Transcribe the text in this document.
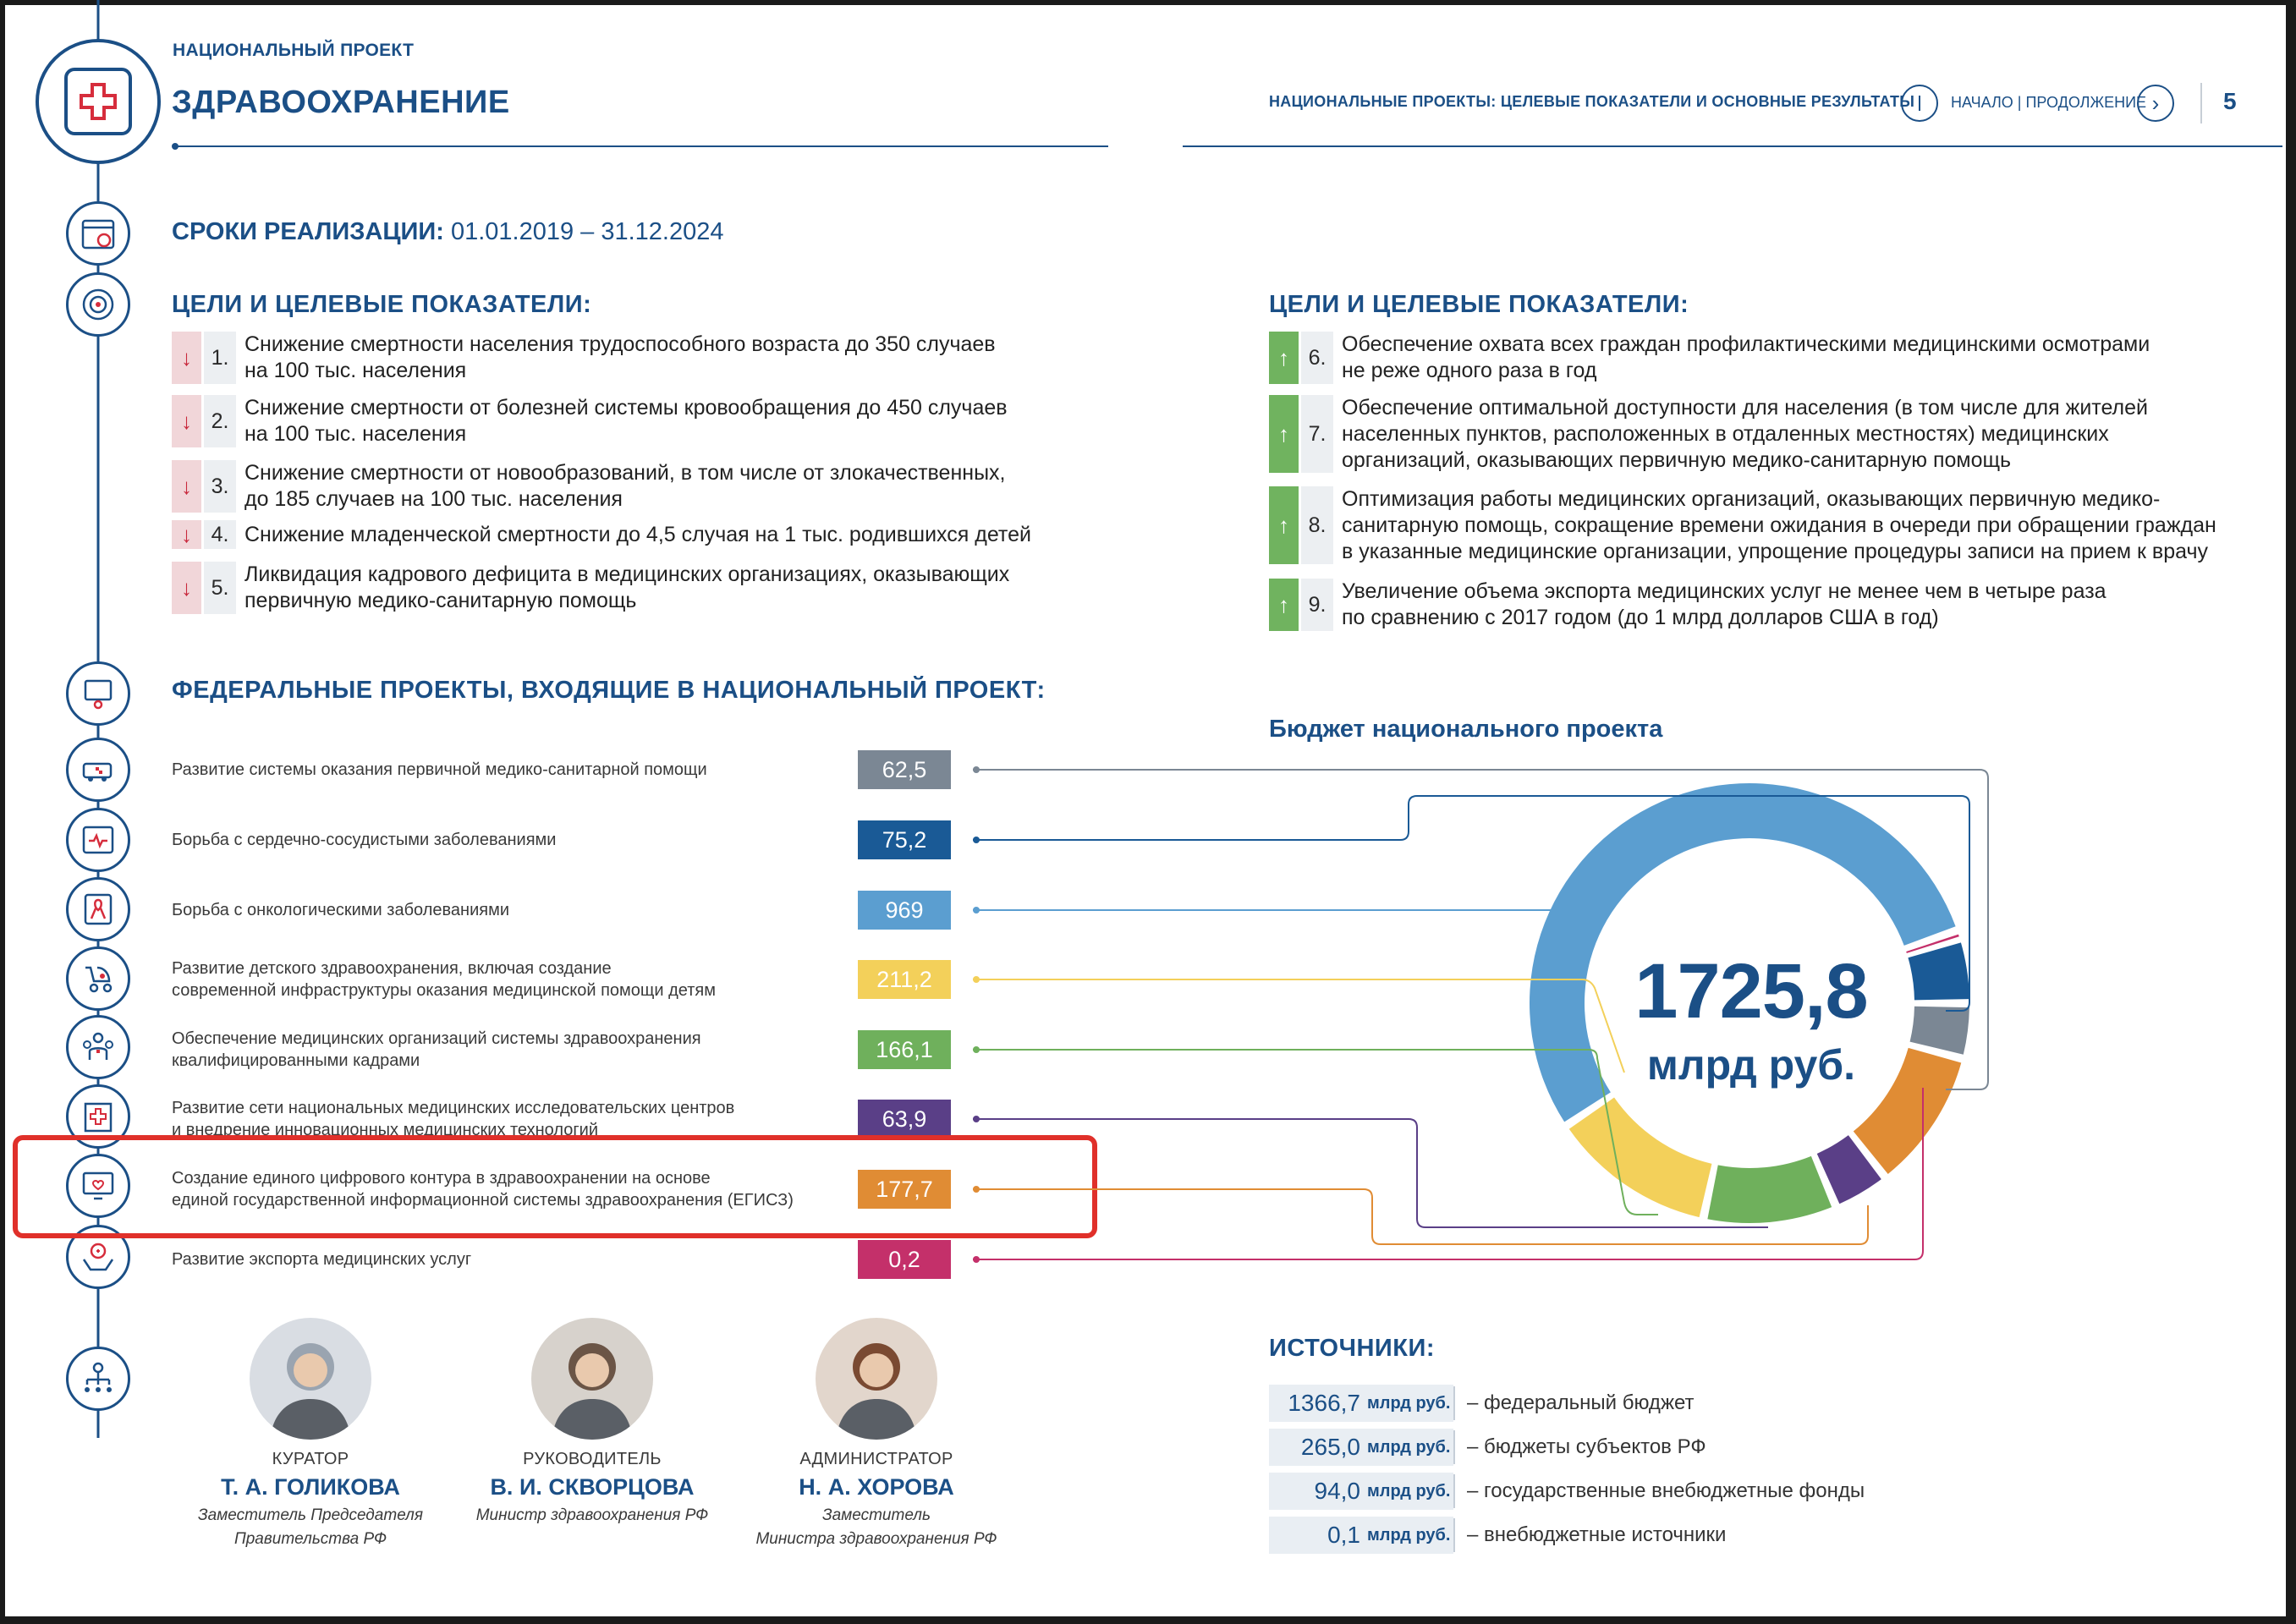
НАЦИОНАЛЬНЫЙ ПРОЕКТ
ЗДРАВООХРАНЕНИЕ	НАЦИОНАЛЬНЫЕ ПРОЕКТЫ: ЦЕЛЕВЫЕ ПОКАЗАТЕЛИ И ОСНОВНЫЕ РЕЗУЛЬТАТЫ НАЧАЛО | ПРОДОЛЖЕНИЕ ›	5
СРОКИ РЕАЛИЗАЦИИ: 01.01.2019 – 31.12.2024
ЦЕЛИ И ЦЕЛЕВЫЕ ПОКАЗАТЕЛИ:
↓ 1.
Снижение смертности населения трудоспособного возраста до 350 случаев
на 100 тыс. населения
↓ 2.
Снижение смертности от болезней системы кровообращения до 450 случаев
на 100 тыс. населения
↓ 3.
Снижение смертности от новообразований, в том числе от злокачественных,
до 185 случаев на 100 тыс. населения
↓ 4. Снижение младенческой смертности до 4,5 случая на 1 тыс. родившихся детей
↓ 5.
Ликвидация кадрового дефицита в медицинских организациях, оказывающих
первичную медико-санитарную помощь
ЦЕЛИ И ЦЕЛЕВЫЕ ПОКАЗАТЕЛИ:
↑ 6.
Обеспечение охвата всех граждан профилактическими медицинскими осмотрами
не реже одного раза в год
↑ 7.
Обеспечение оптимальной доступности для населения (в том числе для жителей
населенных пунктов, расположенных в отдаленных местностях) медицинских
организаций, оказывающих первичную медико-санитарную помощь
↑ 8.
Оптимизация работы медицинских организаций, оказывающих первичную медико-
санитарную помощь, сокращение времени ожидания в очереди при обращении граждан
в указанные медицинские организации, упрощение процедуры записи на прием к врачу
↑ 9.
Увеличение объема экспорта медицинских услуг не менее чем в четыре раза
по сравнению с 2017 годом (до 1 млрд долларов США в год)
ФЕДЕРАЛЬНЫЕ ПРОЕКТЫ, ВХОДЯЩИЕ В НАЦИОНАЛЬНЫЙ ПРОЕКТ:
Развитие системы оказания первичной медико-санитарной помощи	62,5
Борьба с сердечно-сосудистыми заболеваниями	75,2
Борьба с онкологическими заболеваниями	969
Развитие детского здравоохранения, включая создание
современной инфраструктуры оказания медицинской помощи детям	211,2
Обеспечение медицинских организаций системы здравоохранения
квалифицированными кадрами	166,1
Развитие сети национальных медицинских исследовательских центров
и внедрение инновационных медицинских технологий	63,9
Создание единого цифрового контура в здравоохранении на основе
единой государственной информационной системы здравоохранения (ЕГИСЗ)	177,7
Развитие экспорта медицинских услуг	0,2
Бюджет национального проекта
1725,8
млрд руб.
КУРАТОР
Т. А. ГОЛИКОВА
Заместитель Председателя
Правительства РФ
РУКОВОДИТЕЛЬ
В. И. СКВОРЦОВА
Министр здравоохранения РФ
АДМИНИСТРАТОР
Н. А. ХОРОВА
Заместитель
Министра здравоохранения РФ
ИСТОЧНИКИ:
1366,7 млрд руб. – федеральный бюджет
265,0 млрд руб. – бюджеты субъектов РФ
94,0 млрд руб. – государственные внебюджетные фонды
0,1 млрд руб. – внебюджетные источники
